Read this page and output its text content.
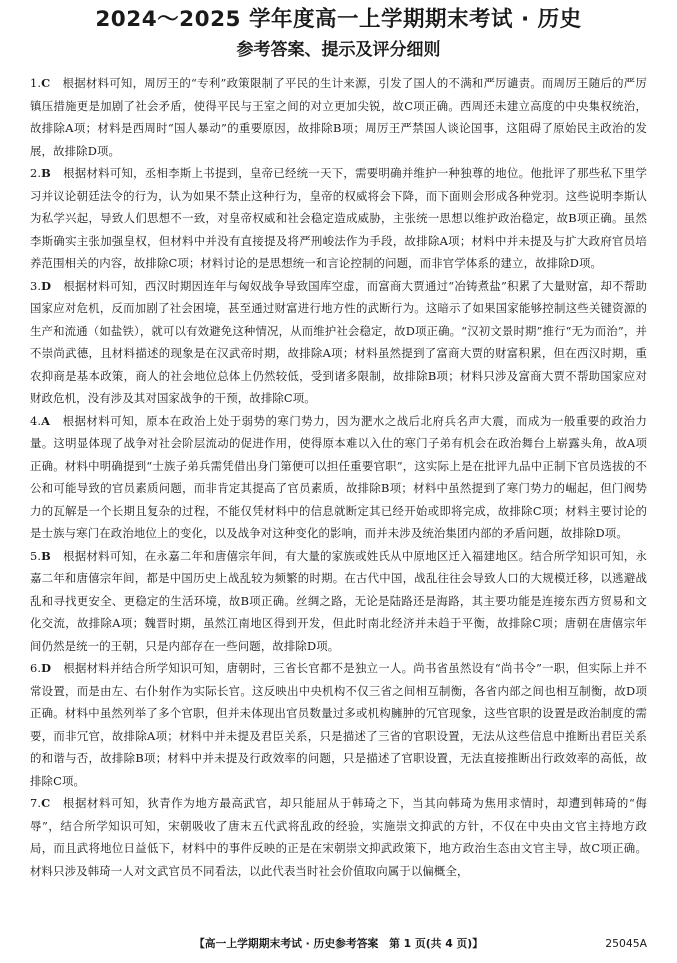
2024～2025 学年度高一上学期期末考试 · 历史
参考答案、提示及评分细则

1.C 根据材料可知，周厉王的“专利”政策限制了平民的生计来源，引发了国人的不满和严厉谴责。而周厉王随后的严厉镇压措施更是加剧了社会矛盾，使得平民与王室之间的对立更加尖锐，故C项正确。西周还未建立高度的中央集权统治，故排除A项；材料是西周时“国人暴动”的重要原因，故排除B项；周厉王严禁国人谈论国事，这阻碍了原始民主政治的发展，故排除D项。

2.B 根据材料可知，丞相李斯上书提到，皇帝已经统一天下，需要明确并维护一种独尊的地位。他批评了那些私下里学习并议论朝廷法令的行为，认为如果不禁止这种行为，皇帝的权威将会下降，而下面则会形成各种党羽。这些说明李斯认为私学兴起，导致人们思想不一致，对皇帝权威和社会稳定造成威胁，主张统一思想以维护政治稳定，故B项正确。虽然李斯确实主张加强皇权，但材料中并没有直接提及将严刑峻法作为手段，故排除A项；材料中并未提及与扩大政府官员培养范围相关的内容，故排除C项；材料讨论的是思想统一和言论控制的问题，而非官学体系的建立，故排除D项。

3.D 根据材料可知，西汉时期因连年与匈奴战争导致国库空虚，而富商大贾通过“冶铸煮盐”积累了大量财富，却不帮助国家应对危机，反而加剧了社会困境，甚至通过财富进行地方性的武断行为。这暗示了如果国家能够控制这些关键资源的生产和流通（如盐铁），就可以有效避免这种情况，从而维护社会稳定，故D项正确。“汉初文景时期”推行“无为而治”，并不崇尚武德，且材料描述的现象是在汉武帝时期，故排除A项；材料虽然提到了富商大贾的财富积累，但在西汉时期，重农抑商是基本政策，商人的社会地位总体上仍然较低，受到诸多限制，故排除B项；材料只涉及富商大贾不帮助国家应对财政危机，没有涉及其对国家战争的干预，故排除C项。

4.A 根据材料可知，原本在政治上处于弱势的寒门势力，因为淝水之战后北府兵名声大震，而成为一般重要的政治力量。这明显体现了战争对社会阶层流动的促进作用，使得原本难以入仕的寒门子弟有机会在政治舞台上崭露头角，故A项正确。材料中明确提到“士族子弟兵需凭借出身门第便可以担任重要官职”，这实际上是在批评九品中正制下官员选拔的不公和可能导致的官员素质问题，而非肯定其提高了官员素质，故排除B项；材料中虽然提到了寒门势力的崛起，但门阀势力的瓦解是一个长期且复杂的过程，不能仅凭材料中的信息就断定其已经开始或即将完成，故排除C项；材料主要讨论的是士族与寒门在政治地位上的变化，以及战争对这种变化的影响，而并未涉及统治集团内部的矛盾问题，故排除D项。

5.B 根据材料可知，在永嘉二年和唐僖宗年间，有大量的家族或姓氏从中原地区迁入福建地区。结合所学知识可知，永嘉二年和唐僖宗年间，都是中国历史上战乱较为频繁的时期。在古代中国，战乱往往会导致人口的大规模迁移，以逃避战乱和寻找更安全、更稳定的生活环境，故B项正确。丝绸之路，无论是陆路还是海路，其主要功能是连接东西方贸易和文化交流，故排除A项；魏晋时期，虽然江南地区得到开发，但此时南北经济并未趋于平衡，故排除C项；唐朝在唐僖宗年间仍然是统一的王朝，只是内部存在一些问题，故排除D项。

6.D 根据材料并结合所学知识可知，唐朝时，三省长官都不是独立一人。尚书省虽然设有“尚书令”一职，但实际上并不常设置，而是由左、右仆射作为实际长官。这反映出中央机构不仅三省之间相互制衡，各省内部之间也相互制衡，故D项正确。材料中虽然列举了多个官职，但并未体现出官员数量过多或机构臃肿的冗官现象，这些官职的设置是政治制度的需要，而非冗官，故排除A项；材料中并未提及君臣关系，只是描述了三省的官职设置，无法从这些信息中推断出君臣关系的和谐与否，故排除B项；材料中并未提及行政效率的问题，只是描述了官职设置，无法直接推断出行政效率的高低，故排除C项。

7.C 根据材料可知，狄青作为地方最高武官，却只能屈从于韩琦之下，当其向韩琦为焦用求情时，却遭到韩琦的“侮辱”，结合所学知识可知，宋朝吸收了唐末五代武将乱政的经验，实施崇文抑武的方针，不仅在中央由文官主持地方政局，而且武将地位日益低下，材料中的事件反映的正是在宋朝崇文抑武政策下，地方政治生态由文官主导，故C项正确。材料只涉及韩琦一人对文武官员不同看法，以此代表当时社会价值取向属于以偏概全，

【高一上学期期末考试 · 历史参考答案　第 1 页(共 4 页)】	25045A
